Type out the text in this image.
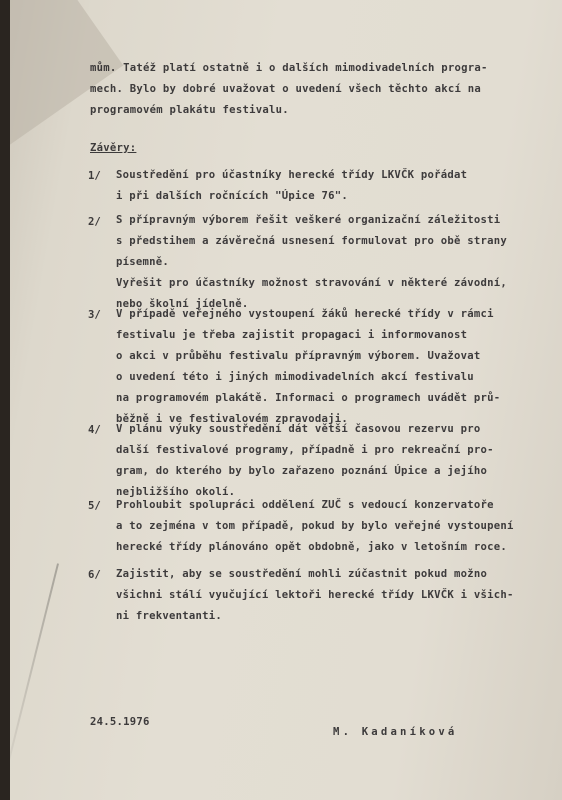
mům. Tatéž platí ostatně i o dalších mimodivadelních progra-
mech. Bylo by dobré uvažovat o uvedení všech těchto akcí na
programovém plakátu festivalu.
Závěry:
1/ Soustředění pro účastníky herecké třídy LKVČK pořádat
i při dalších ročnících "Úpice 76".
2/ S přípravným výborem řešit veškeré organizační záležitosti
s předstihem a závěrečná usnesení formulovat pro obě strany
písemně.
Vyřešit pro účastníky možnost stravování v některé závodní,
nebo školní jídelně.
3/ V případě veřejného vystoupení žáků herecké třídy v rámci
festivalu je třeba zajistit propagaci i informovanost
o akci v průběhu festivalu přípravným výborem. Uvažovat
o uvedení této i jiných mimodivadelních akcí festivalu
na programovém plakátě. Informaci o programech uvádět prů-
běžně i ve festivalovém zpravodaji.
4/ V plánu výuky soustředění dát větší časovou rezervu pro
další festivalové programy, případně i pro rekreační pro-
gram, do kterého by bylo zařazeno poznání Úpice a jejího
nejbližšího okolí.
5/ Prohloubit spolupráci oddělení ZUČ s vedoucí konzervatoře
a to zejména v tom případě, pokud by bylo veřejné vystoupení
herecké třídy plánováno opět obdobně, jako v letošním roce.
6/ Zajistit, aby se soustředění mohli zúčastnit pokud možno
všichni stálí vyučující lektoři herecké třídy LKVČK i všich-
ni frekventanti.
24.5.1976
M. Kadaníková
